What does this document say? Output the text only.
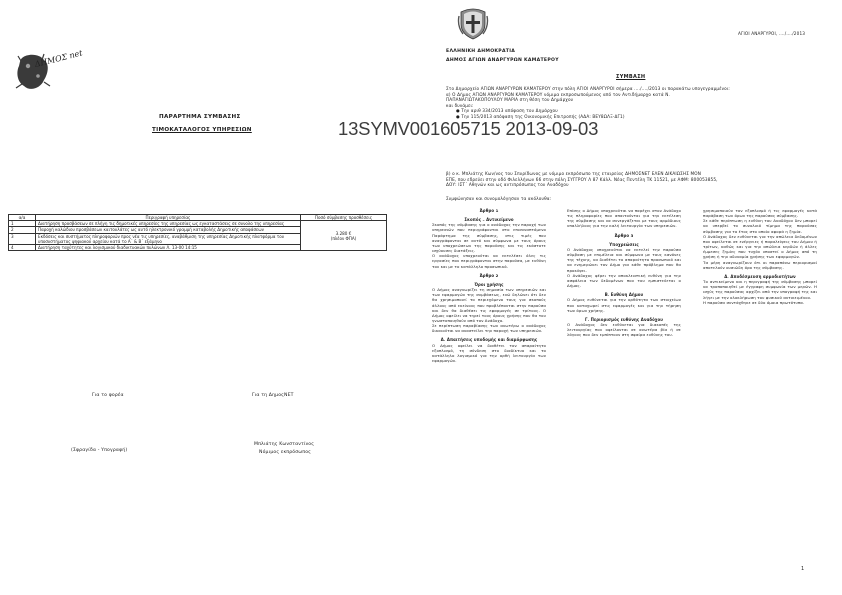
ΑΓΙΟΙ ΑΝΑΡΓΥΡΟΙ, ..../..../2013
ΕΛΛΗΝΙΚΗ ΔΗΜΟΚΡΑΤΙΑ
ΔΗΜΟΣ ΑΓΙΩΝ ΑΝΑΡΓΥΡΩΝ ΚΑΜΑΤΕΡΟΥ
ΔΗΜΟΣ net
ΠΑΡΑΡΤΗΜΑ ΣΥΜΒΑΣΗΣ
ΤΙΜΟΚΑΤΑΛΟΓΟΣ ΥΠΗΡΕΣΙΩΝ
ΣΥΜΒΑΣΗ
Στο Δημαρχείο ΑΓΙΩΝ ΑΝΑΡΓΥΡΩΝ ΚΑΜΑΤΕΡΟΥ στην πόλη ΑΓΙΟΙ ΑΝΑΡΓΥΡΟΙ σήμερα ..../..../2013 οι παρακάτω υπογεγραμμένοι:
α) Ο Δήμος ΑΓΙΩΝ ΑΝΑΡΓΥΡΩΝ ΚΑΜΑΤΕΡΟΥ νόμιμα εκπροσωπούμενος από τον Αντιδήμαρχο κατά Ν.
ΠΑΠΑΝΑΓΙΩΤΑΚΟΠΟΥΛΟΥ ΜΑΡΙΑ στη θέση του Δημάρχου
και δυνάμει:
● Την αριθ 334/2013 απόφαση του Δημάρχου
● Την 115/2013 απόφαση της Οικονομικής Επιτροπής (ΑΔΑ: ΒΕΥ8ΩΛΞ-ΔΓ1)
13SYMV001605715 2013-09-03
β) ο κ. Μπλιάτης Κων/νος του Σπυρίδωνος με νόμιμο εκπρόσωπο της εταιρείας ΔΗΜΟΣΝΕΤ ΕΛΕΝ ΔΙΚΑΙΩΣΗΣ ΜΟΝ
ΕΠΕ, που εδρεύει στην οδό Φιλελλήνων 66 στην πόλη ΣΥΓΓΡΟΥ Λ 87 Κάλλ. Νέας Πεντέλη ΤΚ 11521, με ΑΦΜ: 800053855,
ΔΟΥ: ΙΣΤ΄ Αθηνών και ως αντιπρόσωπος του Αναδόχου
Συμφώνησαν και συνομολόγησαν τα ακόλουθα:
α/α	Περιγραφή υπηρεσίας	Ποσό σύμβασης προσθέσεις
1	Διατήρηση προσβάσεων σε πλήγη τις δημοτικές υπηρεσίες της υπηρεσίας ως εγκαταστάσεις σε συνολο της υπηρεσίας	3.280 €
(πλέον ΦΠΑ)

2	Παροχή καλώδιου προσβάσεων καιτουλάτες ως αυτό ηλεκτρονικό γραμμή καταβολής Δημοτικής αποφάσεων	
3	Εκδόσεις και συστήματος πληροφοριών προς νέα τις υπηρεσίες, αναβάθμιση της υπηρεσίας Δημοτικής πλατφόρμα του υποσυστήματος ψηφιακού αρχείου κατά το Α΄ & Β΄ εξάμηνο	
4	Διατήρηση ταχύτητες και λογισμικού διαδικτυακών πυλώνων Λ. 13-00 14:15	
Για το φορέα	Για τη ΔημοςΝΕΤ
(Σφραγίδα - Υπογραφή)
Μπλιάτης Κωνσταντίνος
Νόμιμος εκπρόσωπος
Άρθρο 1
Σκοπός – Αντικείμενο

Σκοπός της σύμβασης για ο ανάδοχος την παροχή των υπηρεσιών που περιγράφονται στο επισυναπτόμενο Παράρτημα της σύμβασης, στις τιμές που αναγράφονται σε αυτό και σύμφωνα με τους όρους των υποχρεώσεων της παρούσης και τις εκάστοτε ισχύουσες διατάξεις.

Ο ανάδοχος υποχρεούται να εκτελέσει όλες τις εργασίες που περιγράφονται στην παρούσα, με ευθύνη του και με το κατάλληλο προσωπικό.

Άρθρο 2
Όροι χρήσης

Ο Δήμος αναγνωρίζει τη σημασία των υπηρεσιών και των εφαρμογών της συμβάσεως, ενώ δηλώνει ότι δεν θα χρησιμοποιεί το περιεχόμενο τους για σκοπούς άλλους από εκείνους που προβλέπονται στην παρούσα και δεν θα διαθέσει τις εφαρμογές σε τρίτους. Ο Δήμος οφείλει να τηρεί τους όρους χρήσης που θα του γνωστοποιηθούν από τον Ανάδοχο.

Σε περίπτωση παραβίασης των ανωτέρω ο ανάδοχος δικαιούται να αναστείλει την παροχή των υπηρεσιών.

Α. Απαιτήσεις υποδομής και διαμόρφωσης

Ο Δήμος οφείλει να διαθέτει τον απαραίτητο εξοπλισμό, τη σύνδεση στο διαδίκτυο και το κατάλληλο λογισμικό για την ορθή λειτουργία των εφαρμογών.

Επίσης ο Δήμος υποχρεούται να παρέχει στον Ανάδοχο τις πληροφορίες που απαιτούνται για την εκτέλεση της σύμβασης και να συνεργάζεται με τους αρμόδιους υπαλλήλους για την καλή λειτουργία των υπηρεσιών.

Άρθρο 3
Υποχρεώσεις

Ο Ανάδοχος υποχρεούται να εκτελεί την παρούσα σύμβαση με επιμέλεια και σύμφωνα με τους κανόνες της τέχνης, να διαθέτει το απαραίτητο προσωπικό και να ενημερώνει τον Δήμο για κάθε πρόβλημα που θα προκύψει.

Ο Ανάδοχος φέρει την αποκλειστική ευθύνη για την ασφάλεια των δεδομένων που του εμπιστεύεται ο Δήμος.

Β. Ευθύνη Δήμου

Ο Δήμος ευθύνεται για την ορθότητα των στοιχείων που καταχωρεί στις εφαρμογές και για την τήρηση των όρων χρήσης.

Γ. Περιορισμός ευθύνης Αναδόχου

Ο Ανάδοχος δεν ευθύνεται για διακοπές της λειτουργίας που οφείλονται σε ανωτέρα βία ή σε λόγους που δεν εμπίπτουν στη σφαίρα ευθύνης του.

χρησιμοποιούν τον εξοπλισμό ή τις εφαρμογές κατά παράβαση των όρων της παρούσας σύμβασης.

Σε κάθε περίπτωση η ευθύνη του Αναδόχου δεν μπορεί να υπερβεί το συνολικό τίμημα της παρούσας σύμβασης για το έτος στο οποίο αφορά η ζημία.

Ο Ανάδοχος δεν ευθύνεται για την απώλεια δεδομένων που οφείλεται σε ενέργειες ή παραλείψεις του Δήμου ή τρίτων, καθώς και για την απώλεια κερδών ή άλλες έμμεσες ζημίες που τυχόν υποστεί ο Δήμος από τη χρήση ή την αδυναμία χρήσης των εφαρμογών.

Τα μέρη αναγνωρίζουν ότι οι παραπάνω περιορισμοί αποτελούν ουσιώδη όρο της σύμβασης.

Δ. Αποδέσμευση αρμοδιοτήτων

Το αντικείμενο και η περιγραφή της σύμβασης μπορεί να τροποποιηθεί με έγγραφη συμφωνία των μερών. Η ισχύς της παρούσας αρχίζει από την υπογραφή της και λήγει με την ολοκλήρωση του φυσικού αντικειμένου.

Η παρούσα συντάχθηκε σε δύο όμοια πρωτότυπα.

1
